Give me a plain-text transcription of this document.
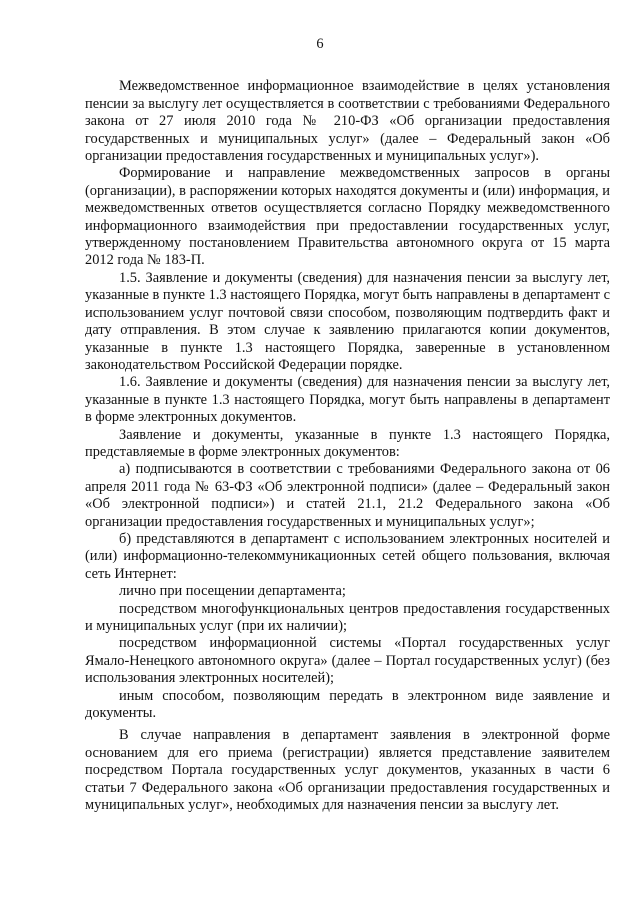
6

Межведомственное информационное взаимодействие в целях установления пенсии за выслугу лет осуществляется в соответствии с требованиями Федерального закона от 27 июля 2010 года № 210-ФЗ «Об организации предоставления государственных и муниципальных услуг» (далее – Федеральный закон «Об организации предоставления государственных и муниципальных услуг»).

Формирование и направление межведомственных запросов в органы (организации), в распоряжении которых находятся документы и (или) информация, и межведомственных ответов осуществляется согласно Порядку межведомственного информационного взаимодействия при предоставлении государственных услуг, утвержденному постановлением Правительства автономного округа от 15 марта 2012 года № 183-П.

1.5. Заявление и документы (сведения) для назначения пенсии за выслугу лет, указанные в пункте 1.3 настоящего Порядка, могут быть направлены в департамент с использованием услуг почтовой связи способом, позволяющим подтвердить факт и дату отправления. В этом случае к заявлению прилагаются копии документов, указанные в пункте 1.3 настоящего Порядка, заверенные в установленном законодательством Российской Федерации порядке.

1.6. Заявление и документы (сведения) для назначения пенсии за выслугу лет, указанные в пункте 1.3 настоящего Порядка, могут быть направлены в департамент в форме электронных документов.

Заявление и документы, указанные в пункте 1.3 настоящего Порядка, представляемые в форме электронных документов:

а) подписываются в соответствии с требованиями Федерального закона от 06 апреля 2011 года № 63-ФЗ «Об электронной подписи» (далее – Федеральный закон «Об электронной подписи») и статей 21.1, 21.2 Федерального закона «Об организации предоставления государственных и муниципальных услуг»;

б) представляются в департамент с использованием электронных носителей и (или) информационно-телекоммуникационных сетей общего пользования, включая сеть Интернет:

лично при посещении департамента;

посредством многофункциональных центров предоставления государственных и муниципальных услуг (при их наличии);

посредством информационной системы «Портал государственных услуг Ямало-Ненецкого автономного округа» (далее – Портал государственных услуг) (без использования электронных носителей);

иным способом, позволяющим передать в электронном виде заявление и документы.

В случае направления в департамент заявления в электронной форме основанием для его приема (регистрации) является представление заявителем посредством Портала государственных услуг документов, указанных в части 6 статьи 7 Федерального закона «Об организации предоставления государственных и муниципальных услуг», необходимых для назначения пенсии за выслугу лет.
